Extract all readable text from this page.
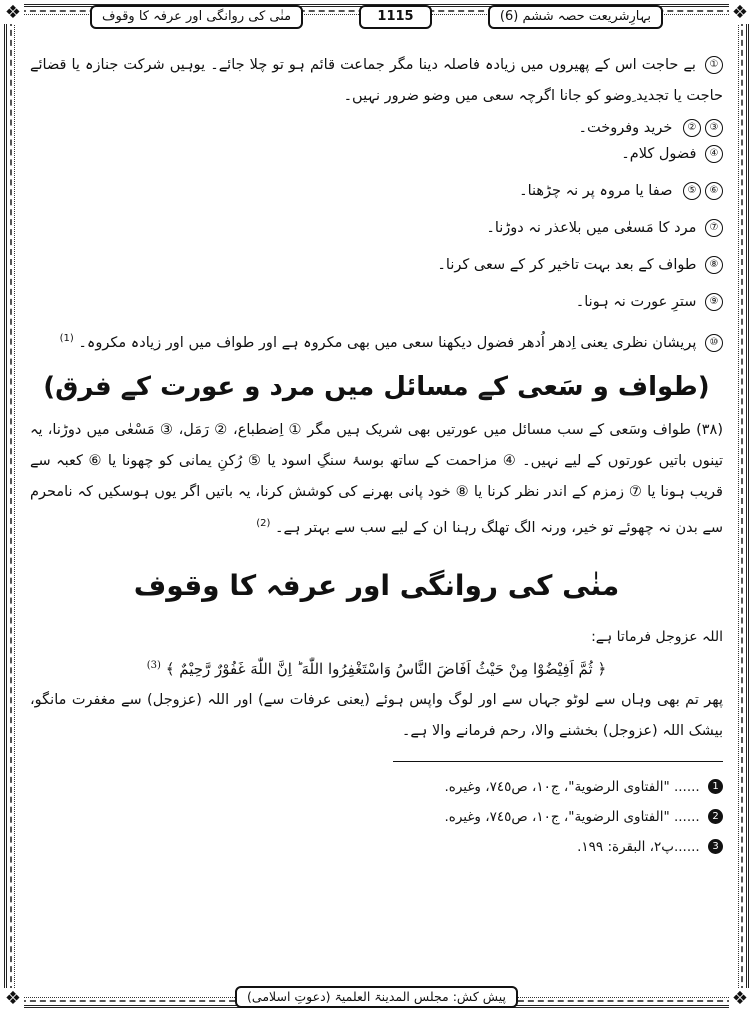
❖	❖
❖	❖
بہارِشریعت حصہ ششم (6)
1115
منٰی کی روانگی اور عرفہ کا وقوف

① بے حاجت اس کے پھیروں میں زیادہ فاصلہ دینا مگر جماعت قائم ہو تو چلا جائے۔ یوہیں شرکت جنازہ یا قضائے حاجت یا تجدید ِوضو کو جانا اگرچہ سعی میں وضو ضرور نہیں۔

③② خرید وفروخت۔

④ فضول کلام۔

⑥⑤ صفا یا مروہ پر نہ چڑھنا۔

⑦ مرد کا مَسعٰی میں بلاعذر نہ دوڑنا۔

⑧ طواف کے بعد بہت تاخیر کر کے سعی کرنا۔

⑨ سترِ عورت نہ ہونا۔

⑩ پریشان نظری یعنی اِدھر اُدھر فضول دیکھنا سعی میں بھی مکروہ ہے اور طواف میں اور زیادہ مکروہ۔ $^{(1)}$

(طواف و سَعی کے مسائل میں مرد و عورت کے فرق)

(۳۸) طواف وسَعی کے سب مسائل میں عورتیں بھی شریک ہیں مگر ① اِضطباع، ② رَمَل، ③ مَسْعٰی میں دوڑنا، یہ تینوں باتیں عورتوں کے لیے نہیں۔ ④ مزاحمت کے ساتھ بوسۂ سنگِ اسود یا ⑤ رُکنِ یمانی کو چھونا یا ⑥ کعبہ سے قریب ہونا یا ⑦ زمزم کے اندر نظر کرنا یا ⑧ خود پانی بھرنے کی کوشش کرنا، یہ باتیں اگر یوں ہوسکیں کہ نامحرم سے بدن نہ چھوئے تو خیر، ورنہ الگ تھلگ رہنا ان کے لیے سب سے بہتر ہے۔ $^{(2)}$

منٰی کی روانگی اور عرفہ کا وقوف

اللہ عزوجل فرماتا ہے:

﴿ ثُمَّ اَفِيْضُوْا مِنْ حَيْثُ اَفَاضَ النَّاسُ وَاسْتَغْفِرُوا اللّٰهَ ؕ اِنَّ اللّٰهَ غَفُوْرٌ رَّحِيْمٌ ﴾ $^{(3)}$

پھر تم بھی وہاں سے لوٹو جہاں سے اور لوگ واپس ہوئے (یعنی عرفات سے) اور اللہ (عزوجل) سے مغفرت مانگو، بیشک اللہ (عزوجل) بخشنے والا، رحم فرمانے والا ہے۔

1 ...... "الفتاوى الرضوية"، ج١٠، ص٧٤٥، وغيره.

2 ...... "الفتاوى الرضوية"، ج١٠، ص٧٤٥، وغيره.

3 ......پ٢، البقرة: ١٩٩.

پیش کش: مجلس المدینۃ العلمیۃ (دعوتِ اسلامی)
